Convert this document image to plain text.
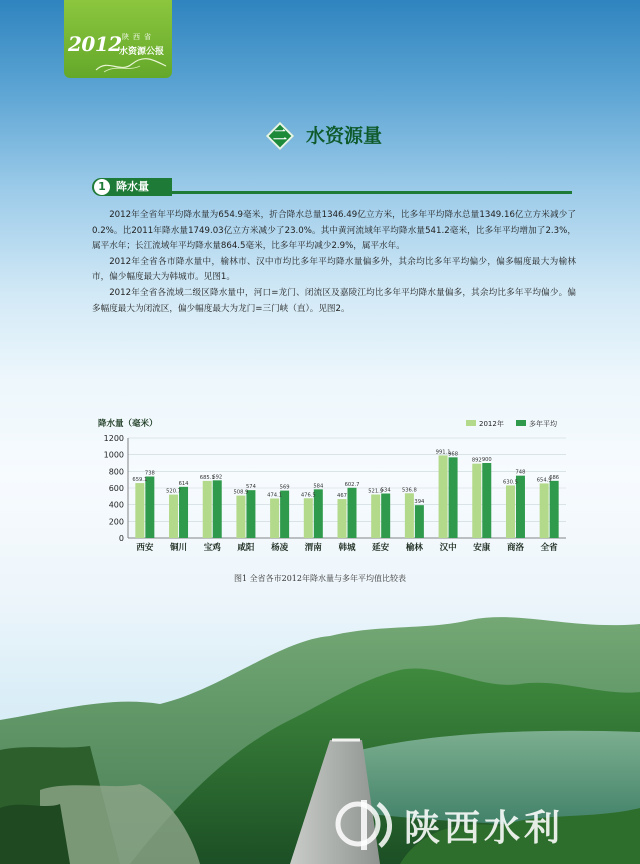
2012 陕西省
水资源公报
二	水资源量
1 降水量

2012年全省年平均降水量为654.9毫米，折合降水总量1346.49亿立方米，比多年平均降水总量1349.16亿立方米减少了0.2%。比2011年降水量1749.03亿立方米减少了23.0%。其中黄河流域年平均降水量541.2毫米，比多年平均增加了2.3%，属平水年；长江流域年平均降水量864.5毫米，比多年平均减少2.9%，属平水年。

2012年全省各市降水量中，榆林市、汉中市均比多年平均降水量偏多外，其余均比多年平均偏少，偏多幅度最大为榆林市，偏少幅度最大为韩城市。见图1。

2012年全省各流域二级区降水量中，河口=龙门、闭流区及嘉陵江均比多年平均降水量偏多，其余均比多年平均偏少。偏多幅度最大为闭流区，偏少幅度最大为龙门=三门峡（直）。见图2。

0
200
400
600
800
1000
1200
降水量（毫米）	2012年	多年平均
659.1
738
西安
520.7
614
铜川
685.1
692
宝鸡
508.9
574
咸阳
474.1
569
杨凌
476.5
584
渭南
467
602.7
韩城
521.9
534
延安
536.8
394
榆林
991.1
968
汉中
892 900
安康
630.5
748
商洛
654.9
686
全省
图1 全省各市2012年降水量与多年平均值比较表
陕西水利
